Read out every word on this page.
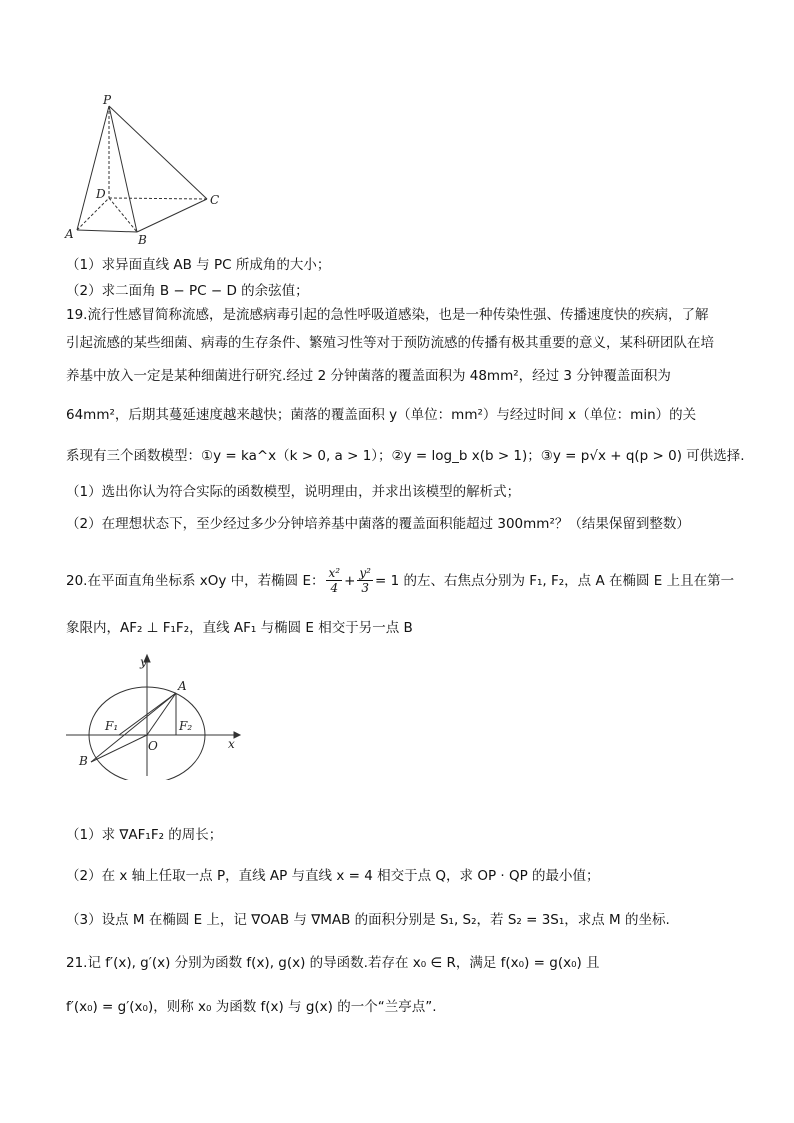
P
D	C
A	B
（1）求异面直线 AB 与 PC 所成角的大小；
（2）求二面角 B − PC − D 的余弦值；
19.流行性感冒简称流感，是流感病毒引起的急性呼吸道感染，也是一种传染性强、传播速度快的疾病，了解
引起流感的某些细菌、病毒的生存条件、繁殖习性等对于预防流感的传播有极其重要的意义，某科研团队在培
养基中放入一定是某种细菌进行研究.经过 2 分钟菌落的覆盖面积为 48mm²，经过 3 分钟覆盖面积为
64mm²，后期其蔓延速度越来越快；菌落的覆盖面积 y（单位：mm²）与经过时间 x（单位：min）的关
系现有三个函数模型：①y = ka^x（k > 0, a > 1）；②y = log_b x(b > 1)；③y = p√x + q(p > 0) 可供选择.
（1）选出你认为符合实际的函数模型，说明理由，并求出该模型的解析式；
（2）在理想状态下，至少经过多少分钟培养基中菌落的覆盖面积能超过 300mm²？（结果保留到整数）
20.在平面直角坐标系 xOy 中，若椭圆 E： $\frac{\text{x²}}{4} + \frac{\text{y²}}{3} = 1$ 的左、右焦点分别为 F₁, F₂，点 A 在椭圆 E 上且在第一
象限内，AF₂ ⊥ F₁F₂，直线 AF₁ 与椭圆 E 相交于另一点 B
y
x
O
A
B
F₁	F₂
（1）求 ∇AF₁F₂ 的周长；
（2）在 x 轴上任取一点 P，直线 AP 与直线 x = 4 相交于点 Q，求 OP · QP 的最小值；
（3）设点 M 在椭圆 E 上，记 ∇OAB 与 ∇MAB 的面积分别是 S₁, S₂，若 S₂ = 3S₁，求点 M 的坐标.
21.记 f′(x), g′(x) 分别为函数 f(x), g(x) 的导函数.若存在 x₀ ∈ R，满足 f(x₀) = g(x₀) 且
f′(x₀) = g′(x₀)，则称 x₀ 为函数 f(x) 与 g(x) 的一个“兰亭点”.
